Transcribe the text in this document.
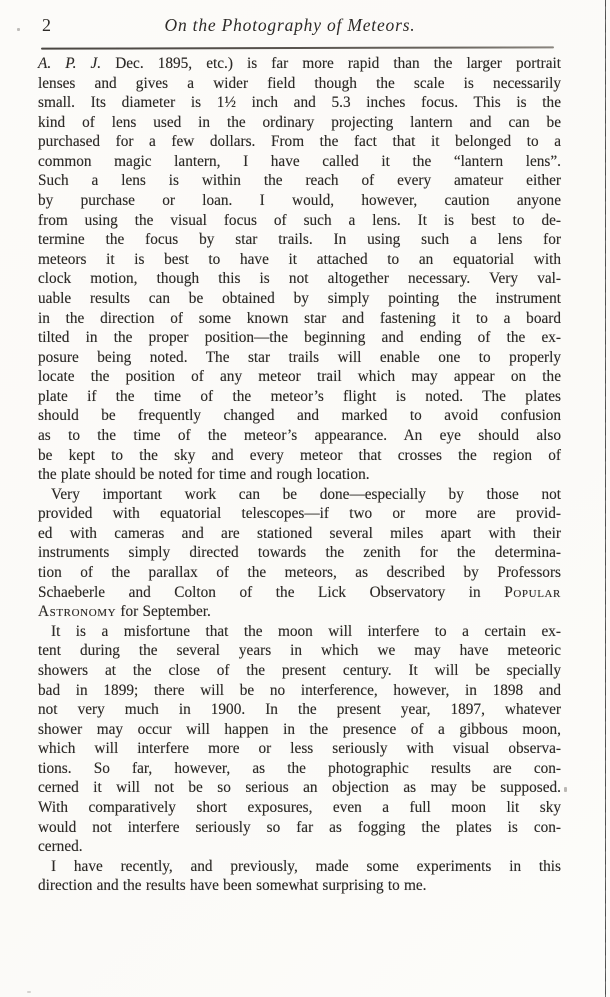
2	On the Photography of Meteors.
A. P. J. Dec. 1895, etc.) is far more rapid than the larger portrait
lenses and gives a wider field though the scale is necessarily
small. Its diameter is 1½ inch and 5.3 inches focus. This is the
kind of lens used in the ordinary projecting lantern and can be
purchased for a few dollars. From the fact that it belonged to a
common magic lantern, I have called it the “lantern lens”.
Such a lens is within the reach of every amateur either
by purchase or loan. I would, however, caution anyone
from using the visual focus of such a lens. It is best to de-
termine the focus by star trails. In using such a lens for
meteors it is best to have it attached to an equatorial with
clock motion, though this is not altogether necessary. Very val-
uable results can be obtained by simply pointing the instrument
in the direction of some known star and fastening it to a board
tilted in the proper position—the beginning and ending of the ex-
posure being noted. The star trails will enable one to properly
locate the position of any meteor trail which may appear on the
plate if the time of the meteor’s flight is noted. The plates
should be frequently changed and marked to avoid confusion
as to the time of the meteor’s appearance. An eye should also
be kept to the sky and every meteor that crosses the region of
the plate should be noted for time and rough location.
Very important work can be done—especially by those not
provided with equatorial telescopes—if two or more are provid-
ed with cameras and are stationed several miles apart with their
instruments simply directed towards the zenith for the determina-
tion of the parallax of the meteors, as described by Professors
Schaeberle and Colton of the Lick Observatory in Popular
Astronomy for September.
It is a misfortune that the moon will interfere to a certain ex-
tent during the several years in which we may have meteoric
showers at the close of the present century. It will be specially
bad in 1899; there will be no interference, however, in 1898 and
not very much in 1900. In the present year, 1897, whatever
shower may occur will happen in the presence of a gibbous moon,
which will interfere more or less seriously with visual observa-
tions. So far, however, as the photographic results are con-
cerned it will not be so serious an objection as may be supposed.
With comparatively short exposures, even a full moon lit sky
would not interfere seriously so far as fogging the plates is con-
cerned.
I have recently, and previously, made some experiments in this
direction and the results have been somewhat surprising to me.
